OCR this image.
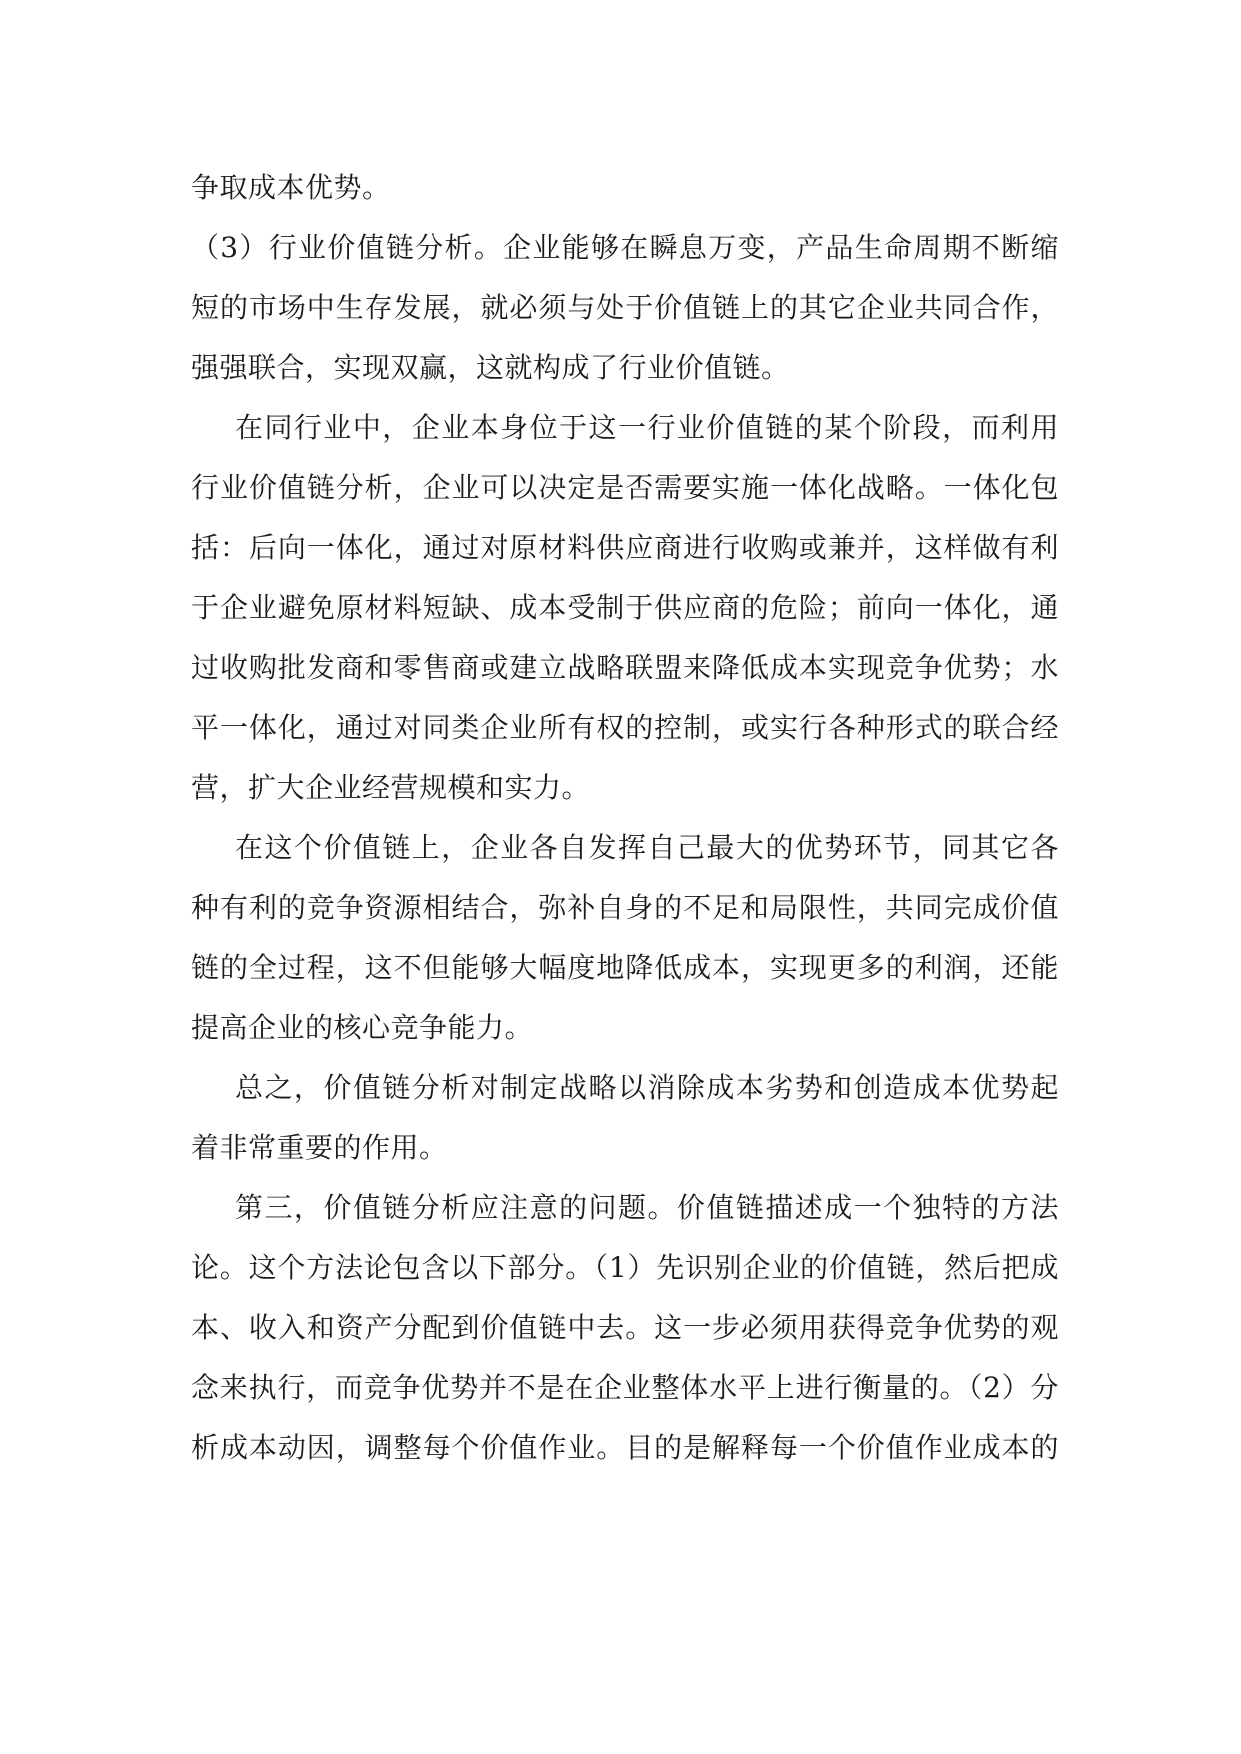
争取成本优势。
（3）行业价值链分析。企业能够在瞬息万变，产品生命周期不断缩
短的市场中生存发展，就必须与处于价值链上的其它企业共同合作，
强强联合，实现双赢，这就构成了行业价值链。
在同行业中，企业本身位于这一行业价值链的某个阶段，而利用
行业价值链分析，企业可以决定是否需要实施一体化战略。一体化包
括：后向一体化，通过对原材料供应商进行收购或兼并，这样做有利
于企业避免原材料短缺、成本受制于供应商的危险；前向一体化，通
过收购批发商和零售商或建立战略联盟来降低成本实现竞争优势；水
平一体化，通过对同类企业所有权的控制，或实行各种形式的联合经
营，扩大企业经营规模和实力。
在这个价值链上，企业各自发挥自己最大的优势环节，同其它各
种有利的竞争资源相结合，弥补自身的不足和局限性，共同完成价值
链的全过程，这不但能够大幅度地降低成本，实现更多的利润，还能
提高企业的核心竞争能力。
总之，价值链分析对制定战略以消除成本劣势和创造成本优势起
着非常重要的作用。
第三，价值链分析应注意的问题。价值链描述成一个独特的方法
论。这个方法论包含以下部分。（1）先识别企业的价值链，然后把成
本、收入和资产分配到价值链中去。这一步必须用获得竞争优势的观
念来执行，而竞争优势并不是在企业整体水平上进行衡量的。（2）分
析成本动因，调整每个价值作业。目的是解释每一个价值作业成本的
